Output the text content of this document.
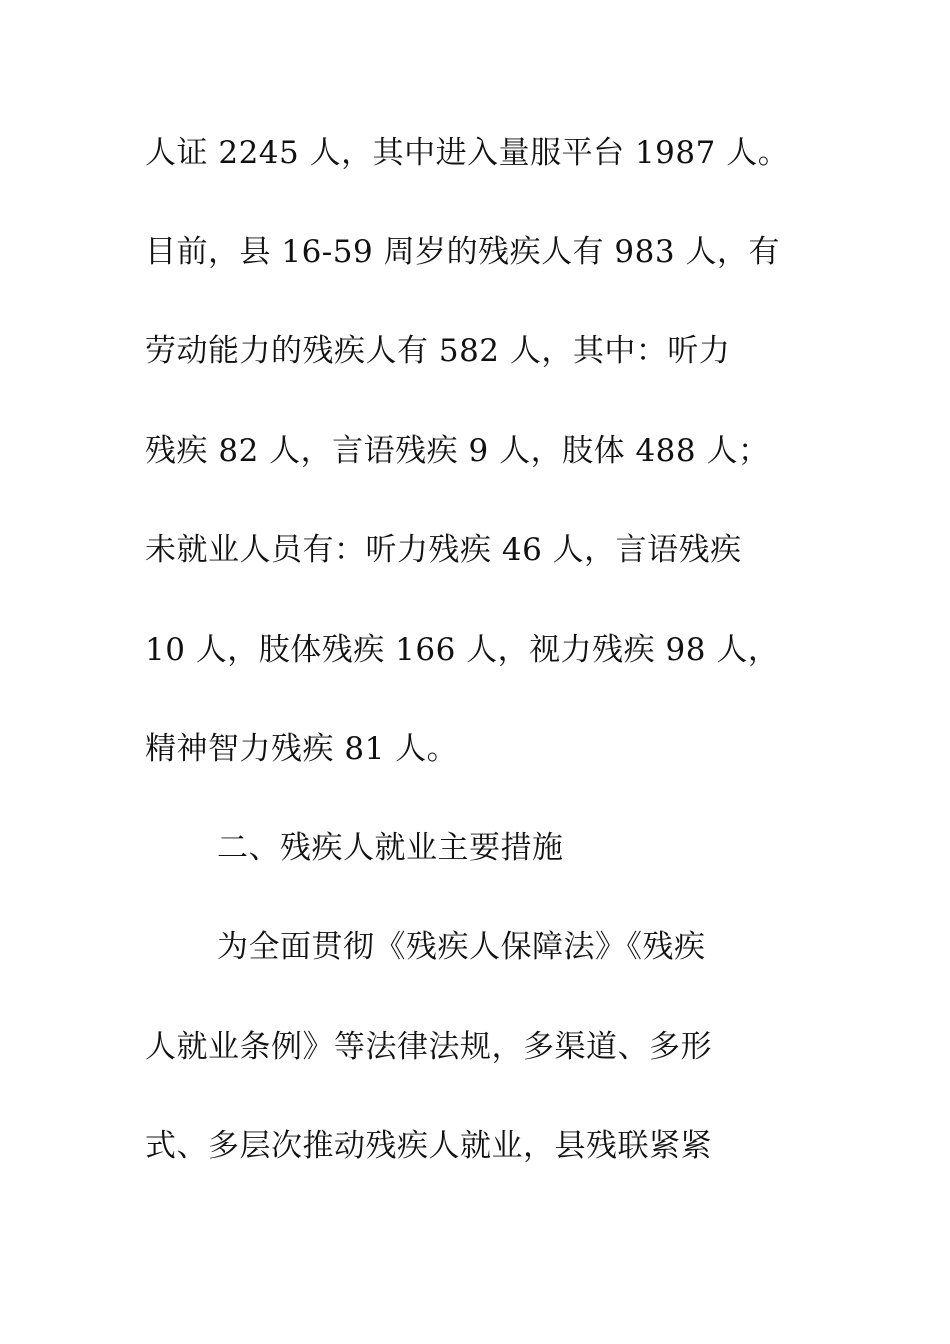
人证 2245 人，其中进入量服平台 1987 人。
目前，县 16-59 周岁的残疾人有 983 人，有
劳动能力的残疾人有 582 人，其中：听力
残疾 82 人，言语残疾 9 人，肢体 488 人；
未就业人员有：听力残疾 46 人，言语残疾
10 人，肢体残疾 166 人，视力残疾 98 人，
精神智力残疾 81 人。
二、残疾人就业主要措施
为全面贯彻《残疾人保障法》《残疾
人就业条例》等法律法规，多渠道、多形
式、多层次推动残疾人就业，县残联紧紧
